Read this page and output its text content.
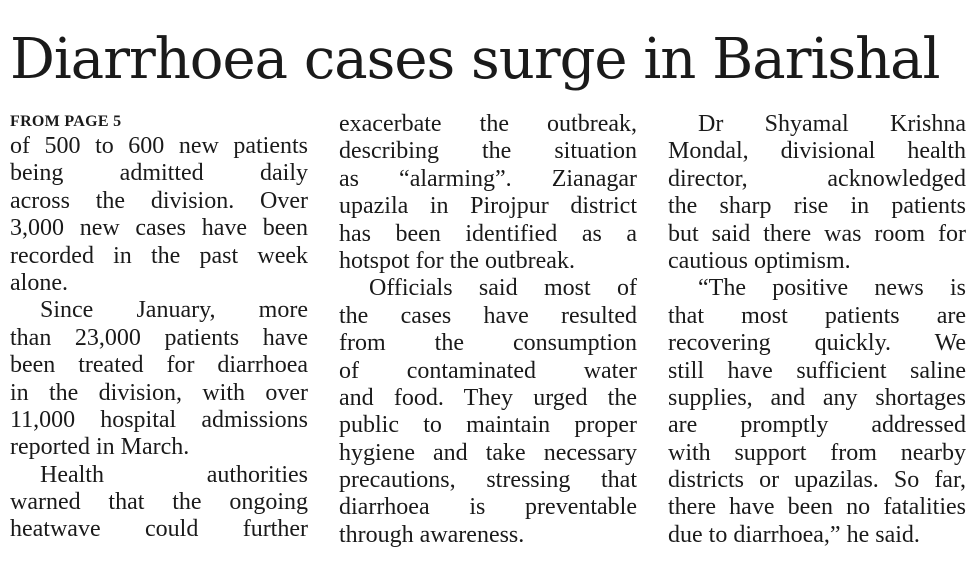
Diarrhoea cases surge in Barishal
FROM PAGE 5
of 500 to 600 new patients
being admitted daily
across the division. Over
3,000 new cases have been
recorded in the past week
alone.
Since January, more
than 23,000 patients have
been treated for diarrhoea
in the division, with over
11,000 hospital admissions
reported in March.
Health authorities
warned that the ongoing
heatwave could further
exacerbate the outbreak,
describing the situation
as “alarming”. Zianagar
upazila in Pirojpur district
has been identified as a
hotspot for the outbreak.
Officials said most of
the cases have resulted
from the consumption
of contaminated water
and food. They urged the
public to maintain proper
hygiene and take necessary
precautions, stressing that
diarrhoea is preventable
through awareness.
Dr Shyamal Krishna
Mondal, divisional health
director, acknowledged
the sharp rise in patients
but said there was room for
cautious optimism.
“The positive news is
that most patients are
recovering quickly. We
still have sufficient saline
supplies, and any shortages
are promptly addressed
with support from nearby
districts or upazilas. So far,
there have been no fatalities
due to diarrhoea,” he said.
